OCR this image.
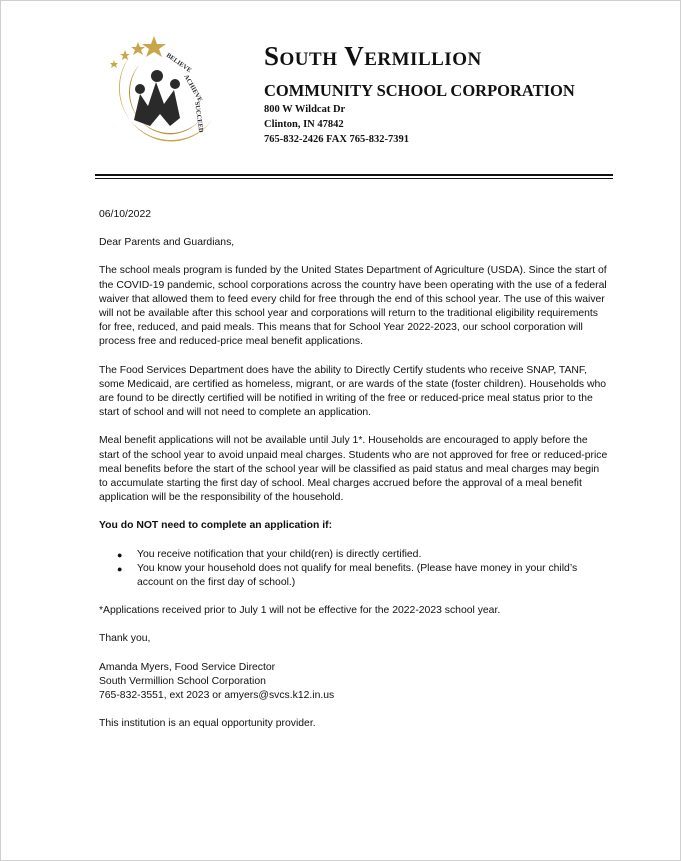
BELIEVE
ACHIEVE
SUCCEED
South Vermillion
COMMUNITY SCHOOL CORPORATION
800 W Wildcat Dr
Clinton, IN 47842
765-832-2426 FAX 765-832-7391

06/10/2022

Dear Parents and Guardians,

The school meals program is funded by the United States Department of Agriculture (USDA). Since the start of the COVID-19 pandemic, school corporations across the country have been operating with the use of a federal waiver that allowed them to feed every child for free through the end of this school year. The use of this waiver will not be available after this school year and corporations will return to the traditional eligibility requirements for free, reduced, and paid meals. This means that for School Year 2022-2023, our school corporation will process free and reduced-price meal benefit applications.

The Food Services Department does have the ability to Directly Certify students who receive SNAP, TANF, some Medicaid, are certified as homeless, migrant, or are wards of the state (foster children). Households who are found to be directly certified will be notified in writing of the free or reduced-price meal status prior to the start of school and will not need to complete an application.

Meal benefit applications will not be available until July 1*. Households are encouraged to apply before the start of the school year to avoid unpaid meal charges. Students who are not approved for free or reduced-price meal benefits before the start of the school year will be classified as paid status and meal charges may begin to accumulate starting the first day of school. Meal charges accrued before the approval of a meal benefit application will be the responsibility of the household.

You do NOT need to complete an application if:

● You receive notification that your child(ren) is directly certified.
● You know your household does not qualify for meal benefits. (Please have money in your child’s account on the first day of school.)

*Applications received prior to July 1 will not be effective for the 2022-2023 school year.

Thank you,

Amanda Myers, Food Service Director

South Vermillion School Corporation

765-832-3551, ext 2023 or amyers@svcs.k12.in.us

This institution is an equal opportunity provider.
